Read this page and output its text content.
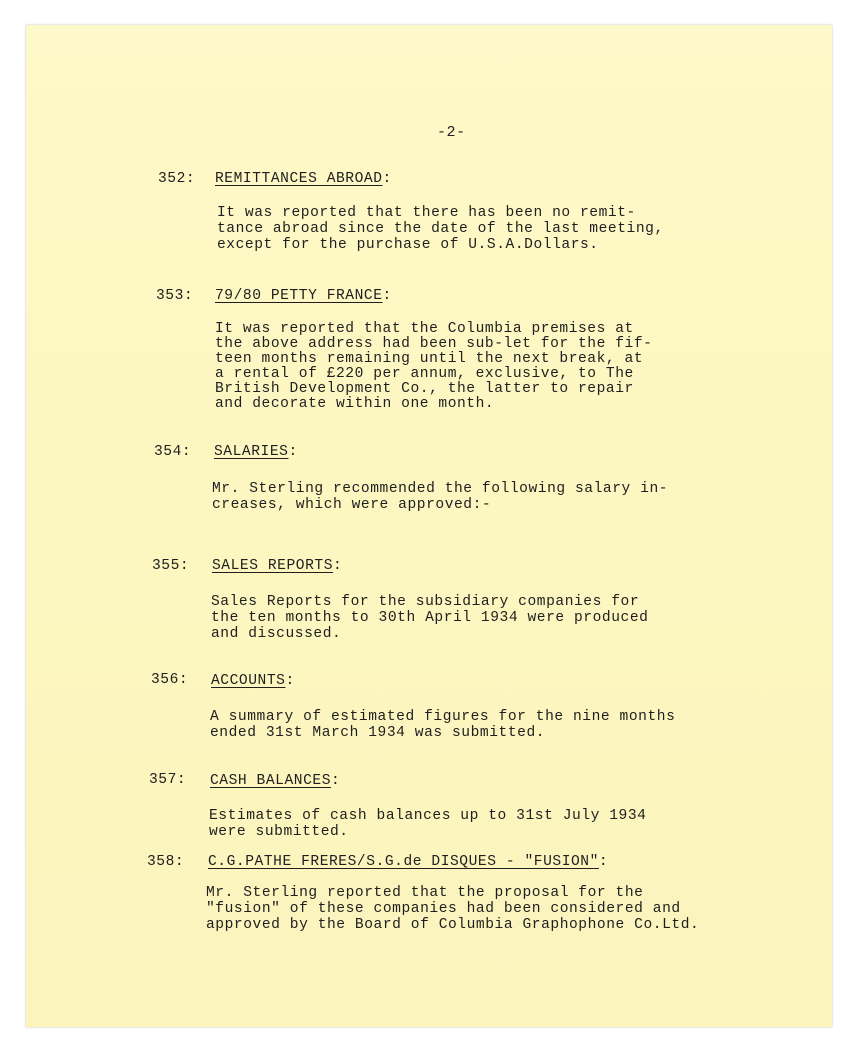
-2-
352: REMITTANCES ABROAD:
It was reported that there has been no remit-
tance abroad since the date of the last meeting,
except for the purchase of U.S.A.Dollars.
353: 79/80 PETTY FRANCE:
It was reported that the Columbia premises at
the above address had been sub-let for the fif-
teen months remaining until the next break, at
a rental of £220 per annum, exclusive, to The
British Development Co., the latter to repair
and decorate within one month.
354: SALARIES:
Mr. Sterling recommended the following salary in-
creases, which were approved:-
355: SALES REPORTS:
Sales Reports for the subsidiary companies for
the ten months to 30th April 1934 were produced
and discussed.
356: ACCOUNTS:
A summary of estimated figures for the nine months
ended 31st March 1934 was submitted.
357: CASH BALANCES:
Estimates of cash balances up to 31st July 1934
were submitted.
358: C.G.PATHE FRERES/S.G.de DISQUES - "FUSION":
Mr. Sterling reported that the proposal for the
"fusion" of these companies had been considered and
approved by the Board of Columbia Graphophone Co.Ltd.
